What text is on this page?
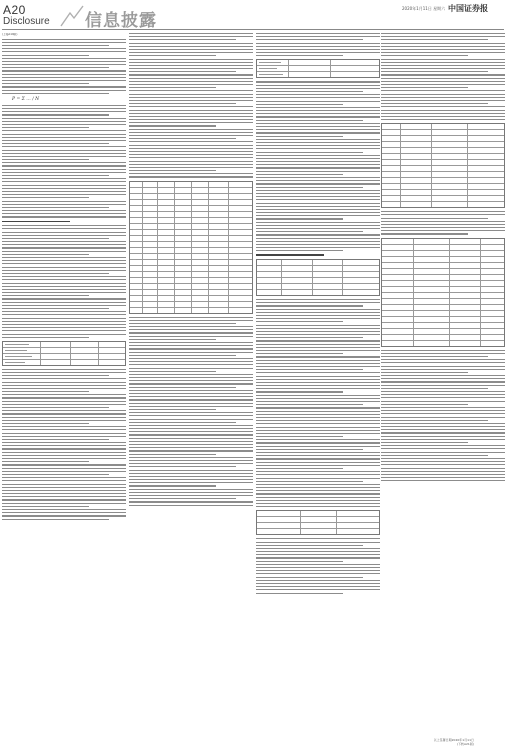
A20
Disclosure 信息披露
2020年1月11日 星期六 中国证券报

(上接A19版)

P = Σ … / N
以上签署日期2020年1月11日
(下转A21版)
